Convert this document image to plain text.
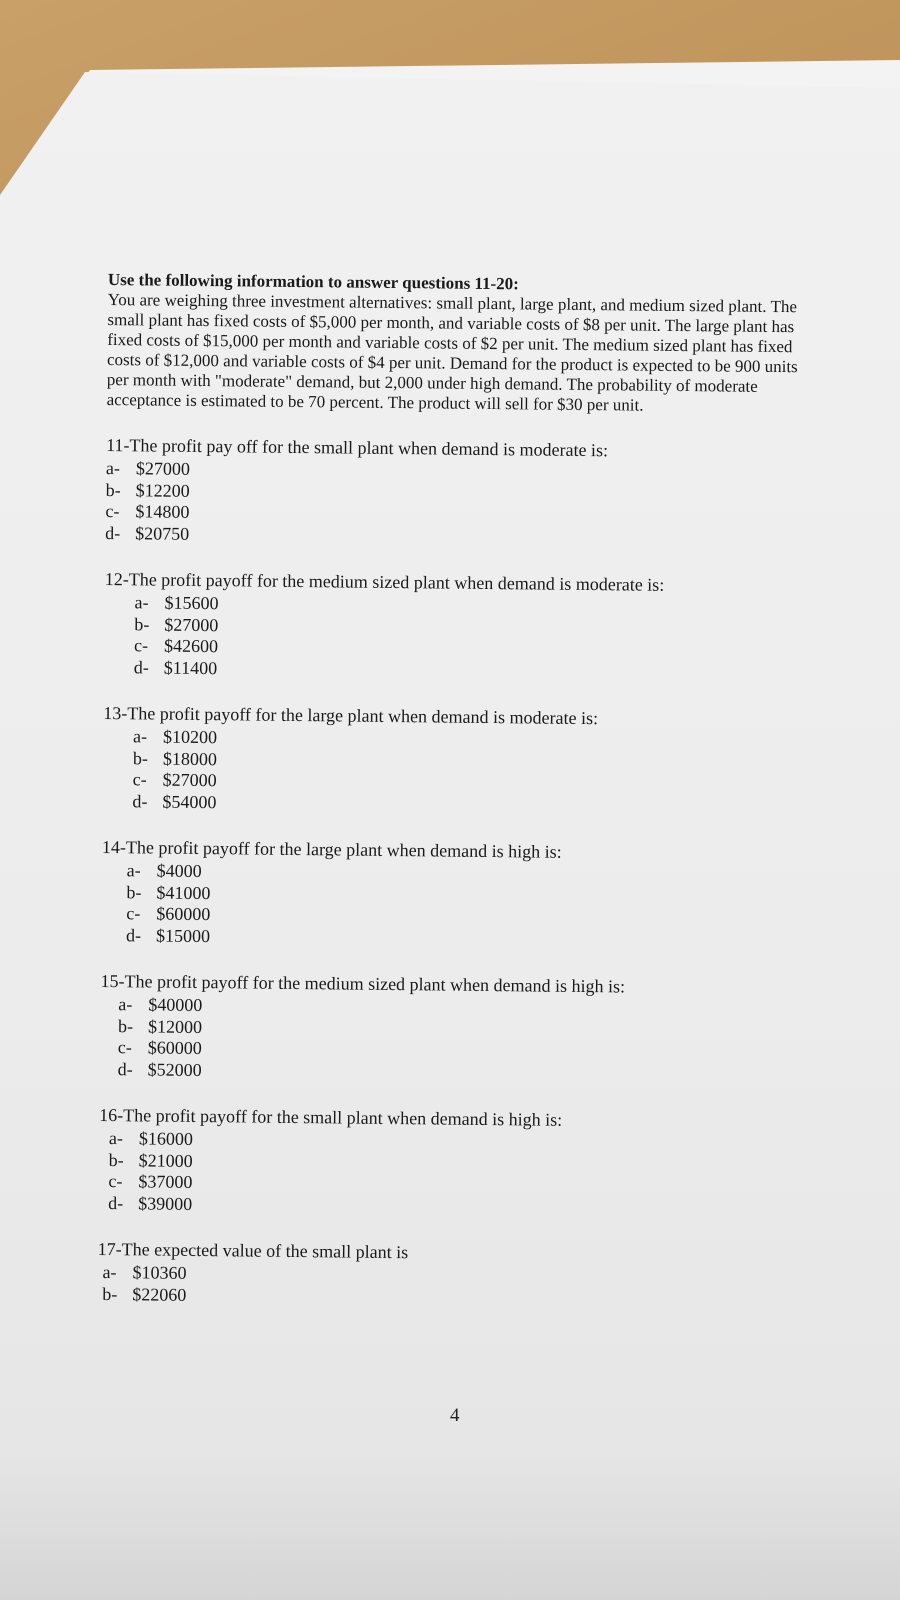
Use the following information to answer questions 11-20:

You are weighing three investment alternatives: small plant, large plant, and medium sized plant. The small plant has fixed costs of $5,000 per month, and variable costs of $8 per unit. The large plant has fixed costs of $15,000 per month and variable costs of $2 per unit. The medium sized plant has fixed costs of $12,000 and variable costs of $4 per unit. Demand for the product is expected to be 900 units per month with "moderate" demand, but 2,000 under high demand. The probability of moderate acceptance is estimated to be 70 percent. The product will sell for $30 per unit.

11-The profit pay off for the small plant when demand is moderate is:
a- $27000
b- $12200
c- $14800
d- $20750
12-The profit payoff for the medium sized plant when demand is moderate is:
a- $15600
b- $27000
c- $42600
d- $11400
13-The profit payoff for the large plant when demand is moderate is:
a- $10200
b- $18000
c- $27000
d- $54000
14-The profit payoff for the large plant when demand is high is:
a- $4000
b- $41000
c- $60000
d- $15000
15-The profit payoff for the medium sized plant when demand is high is:
a- $40000
b- $12000
c- $60000
d- $52000
16-The profit payoff for the small plant when demand is high is:
a- $16000
b- $21000
c- $37000
d- $39000
17-The expected value of the small plant is
a- $10360
b- $22060
4
